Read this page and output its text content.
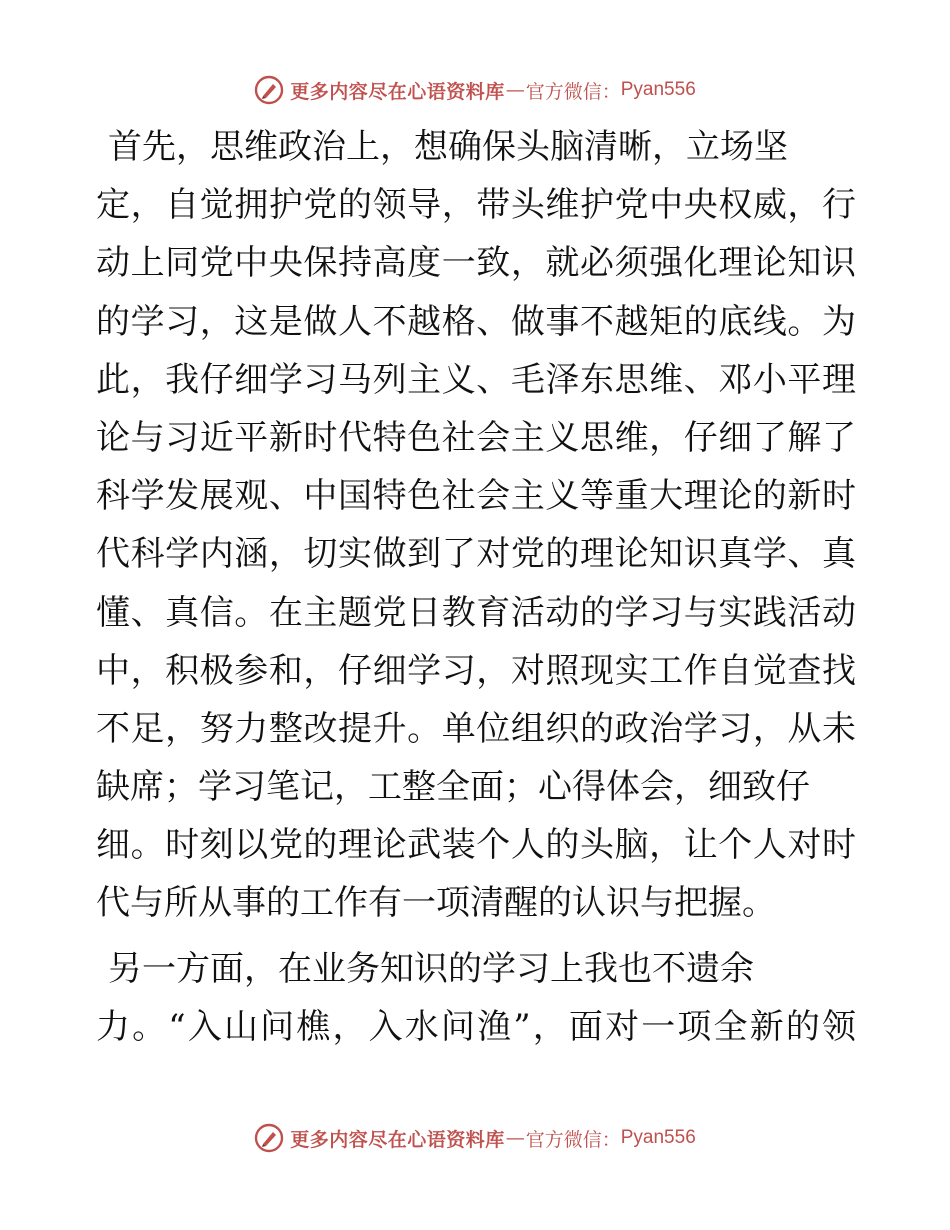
更多内容尽在心语资料库 — 官方微信： Pyan556
首先，思维政治上，想确保头脑清晰，立场坚
定，自觉拥护党的领导，带头维护党中央权威，行
动上同党中央保持高度一致，就必须强化理论知识
的学习，这是做人不越格、做事不越矩的底线。为
此，我仔细学习马列主义、毛泽东思维、邓小平理
论与习近平新时代特色社会主义思维，仔细了解了
科学发展观、中国特色社会主义等重大理论的新时
代科学内涵，切实做到了对党的理论知识真学、真
懂、真信。在主题党日教育活动的学习与实践活动
中，积极参和，仔细学习，对照现实工作自觉查找
不足，努力整改提升。单位组织的政治学习，从未
缺席；学习笔记，工整全面；心得体会，细致仔
细。时刻以党的理论武装个人的头脑，让个人对时
代与所从事的工作有一项清醒的认识与把握。
另一方面，在业务知识的学习上我也不遗余
力。“入山问樵，入水问渔”，面对一项全新的领
更多内容尽在心语资料库 — 官方微信： Pyan556
